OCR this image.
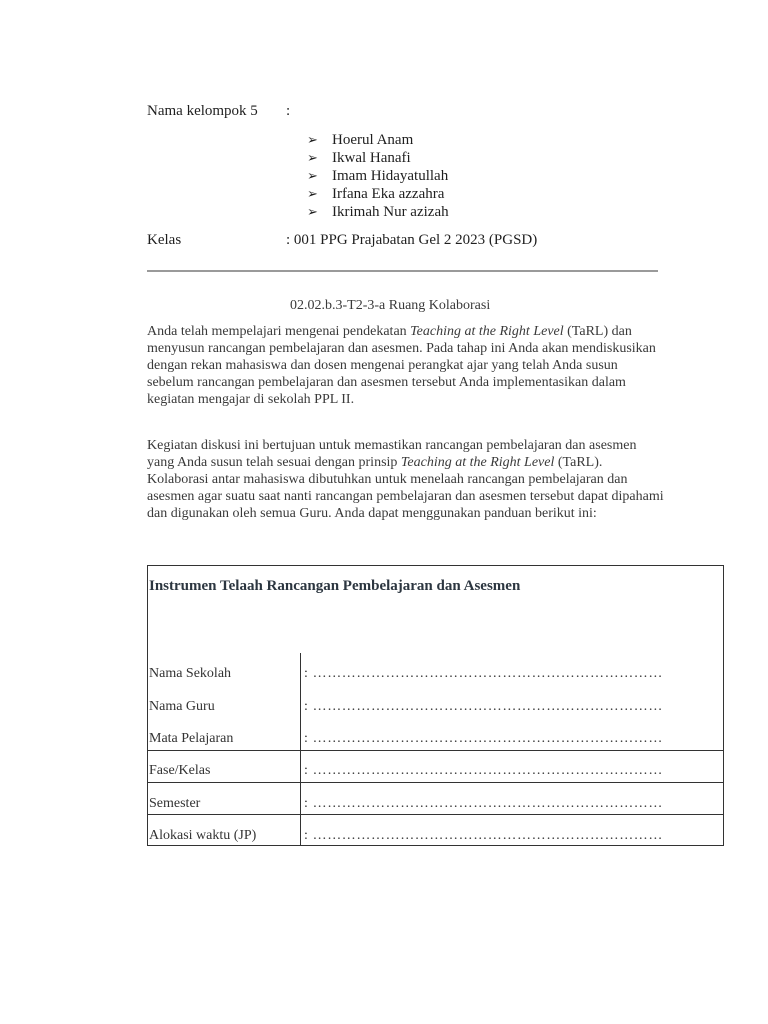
Nama kelompok 5 :
➢ Hoerul Anam
➢ Ikwal Hanafi
➢ Imam Hidayatullah
➢ Irfana Eka azzahra
➢ Ikrimah Nur azizah
Kelas	: 001 PPG Prajabatan Gel 2 2023 (PGSD)
02.02.b.3-T2-3-a Ruang Kolaborasi

Anda telah mempelajari mengenai pendekatan Teaching at the Right Level (TaRL) dan menyusun rancangan pembelajaran dan asesmen. Pada tahap ini Anda akan mendiskusikan dengan rekan mahasiswa dan dosen mengenai perangkat ajar yang telah Anda susun sebelum rancangan pembelajaran dan asesmen tersebut Anda implementasikan dalam kegiatan mengajar di sekolah PPL II.

Kegiatan diskusi ini bertujuan untuk memastikan rancangan pembelajaran dan asesmen yang Anda susun telah sesuai dengan prinsip Teaching at the Right Level (TaRL). Kolaborasi antar mahasiswa dibutuhkan untuk menelaah rancangan pembelajaran dan asesmen agar suatu saat nanti rancangan pembelajaran dan asesmen tersebut dapat dipahami dan digunakan oleh semua Guru. Anda dapat menggunakan panduan berikut ini:

Instrumen Telaah Rancangan Pembelajaran dan Asesmen
Nama Sekolah	: ………………………………………………………………
Nama Guru	: ………………………………………………………………
Mata Pelajaran	: ………………………………………………………………
Fase/Kelas	: ………………………………………………………………
Semester	: ………………………………………………………………
Alokasi waktu (JP)	: ………………………………………………………………
